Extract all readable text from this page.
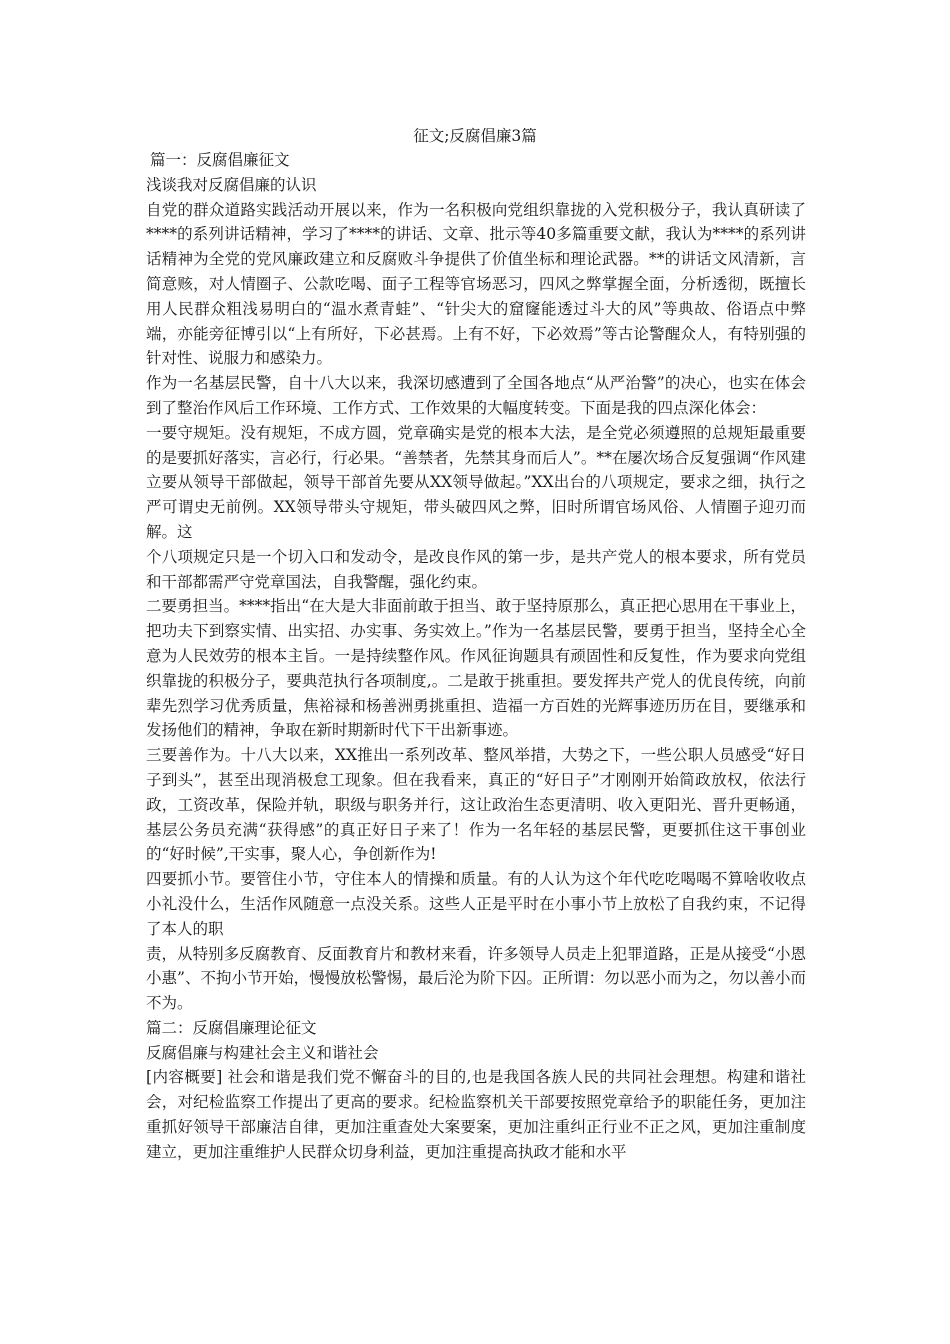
征文;反腐倡廉3篇

篇一：反腐倡廉征文

浅谈我对反腐倡廉的认识

自党的群众道路实践活动开展以来，作为一名积极向党组织靠拢的入党积极分子，我认真研读了****的系列讲话精神，学习了****的讲话、文章、批示等40多篇重要文献，我认为****的系列讲话精神为全党的党风廉政建立和反腐败斗争提供了价值坐标和理论武器。**的讲话文风清新，言简意赅，对人情圈子、公款吃喝、面子工程等官场恶习，四风之弊掌握全面，分析透彻，既擅长用人民群众粗浅易明白的“温水煮青蛙”、“针尖大的窟窿能透过斗大的风”等典故、俗语点中弊端，亦能旁征博引以“上有所好，下必甚焉。上有不好，下必效焉”等古论警醒众人，有特别强的针对性、说服力和感染力。

作为一名基层民警，自十八大以来，我深切感遭到了全国各地点“从严治警”的决心，也实在体会到了整治作风后工作环境、工作方式、工作效果的大幅度转变。下面是我的四点深化体会：

一要守规矩。没有规矩，不成方圆，党章确实是党的根本大法，是全党必须遵照的总规矩最重要的是要抓好落实，言必行，行必果。“善禁者，先禁其身而后人”。**在屡次场合反复强调“作风建立要从领导干部做起，领导干部首先要从XX领导做起。”XX出台的八项规定，要求之细，执行之严可谓史无前例。XX领导带头守规矩，带头破四风之弊，旧时所谓官场风俗、人情圈子迎刃而解。这

个八项规定只是一个切入口和发动令，是改良作风的第一步，是共产党人的根本要求，所有党员和干部都需严守党章国法，自我警醒，强化约束。

二要勇担当。****指出“在大是大非面前敢于担当、敢于坚持原那么，真正把心思用在干事业上，把功夫下到察实情、出实招、办实事、务实效上。”作为一名基层民警，要勇于担当，坚持全心全意为人民效劳的根本主旨。一是持续整作风。作风征询题具有顽固性和反复性，作为要求向党组织靠拢的积极分子，要典范执行各项制度,。二是敢于挑重担。要发挥共产党人的优良传统，向前辈先烈学习优秀质量，焦裕禄和杨善洲勇挑重担、造福一方百姓的光辉事迹历历在目，要继承和发扬他们的精神，争取在新时期新时代下干出新事迹。

三要善作为。十八大以来，XX推出一系列改革、整风举措，大势之下，一些公职人员感受“好日子到头”，甚至出现消极怠工现象。但在我看来，真正的“好日子”才刚刚开始简政放权，依法行政，工资改革，保险并轨，职级与职务并行，这让政治生态更清明、收入更阳光、晋升更畅通，基层公务员充满“获得感”的真正好日子来了！作为一名年轻的基层民警，更要抓住这干事创业的“好时候”,干实事，聚人心，争创新作为!

四要抓小节。要管住小节，守住本人的情操和质量。有的人认为这个年代吃吃喝喝不算啥收收点小礼没什么，生活作风随意一点没关系。这些人正是平时在小事小节上放松了自我约束，不记得了本人的职

责，从特别多反腐教育、反面教育片和教材来看，许多领导人员走上犯罪道路，正是从接受“小恩小惠”、不拘小节开始，慢慢放松警惕，最后沦为阶下囚。正所谓：勿以恶小而为之，勿以善小而不为。

篇二：反腐倡廉理论征文

反腐倡廉与构建社会主义和谐社会

[内容概要] 社会和谐是我们党不懈奋斗的目的,也是我国各族人民的共同社会理想。构建和谐社会，对纪检监察工作提出了更高的要求。纪检监察机关干部要按照党章给予的职能任务，更加注重抓好领导干部廉洁自律，更加注重查处大案要案，更加注重纠正行业不正之风，更加注重制度建立，更加注重维护人民群众切身利益，更加注重提高执政才能和水平
